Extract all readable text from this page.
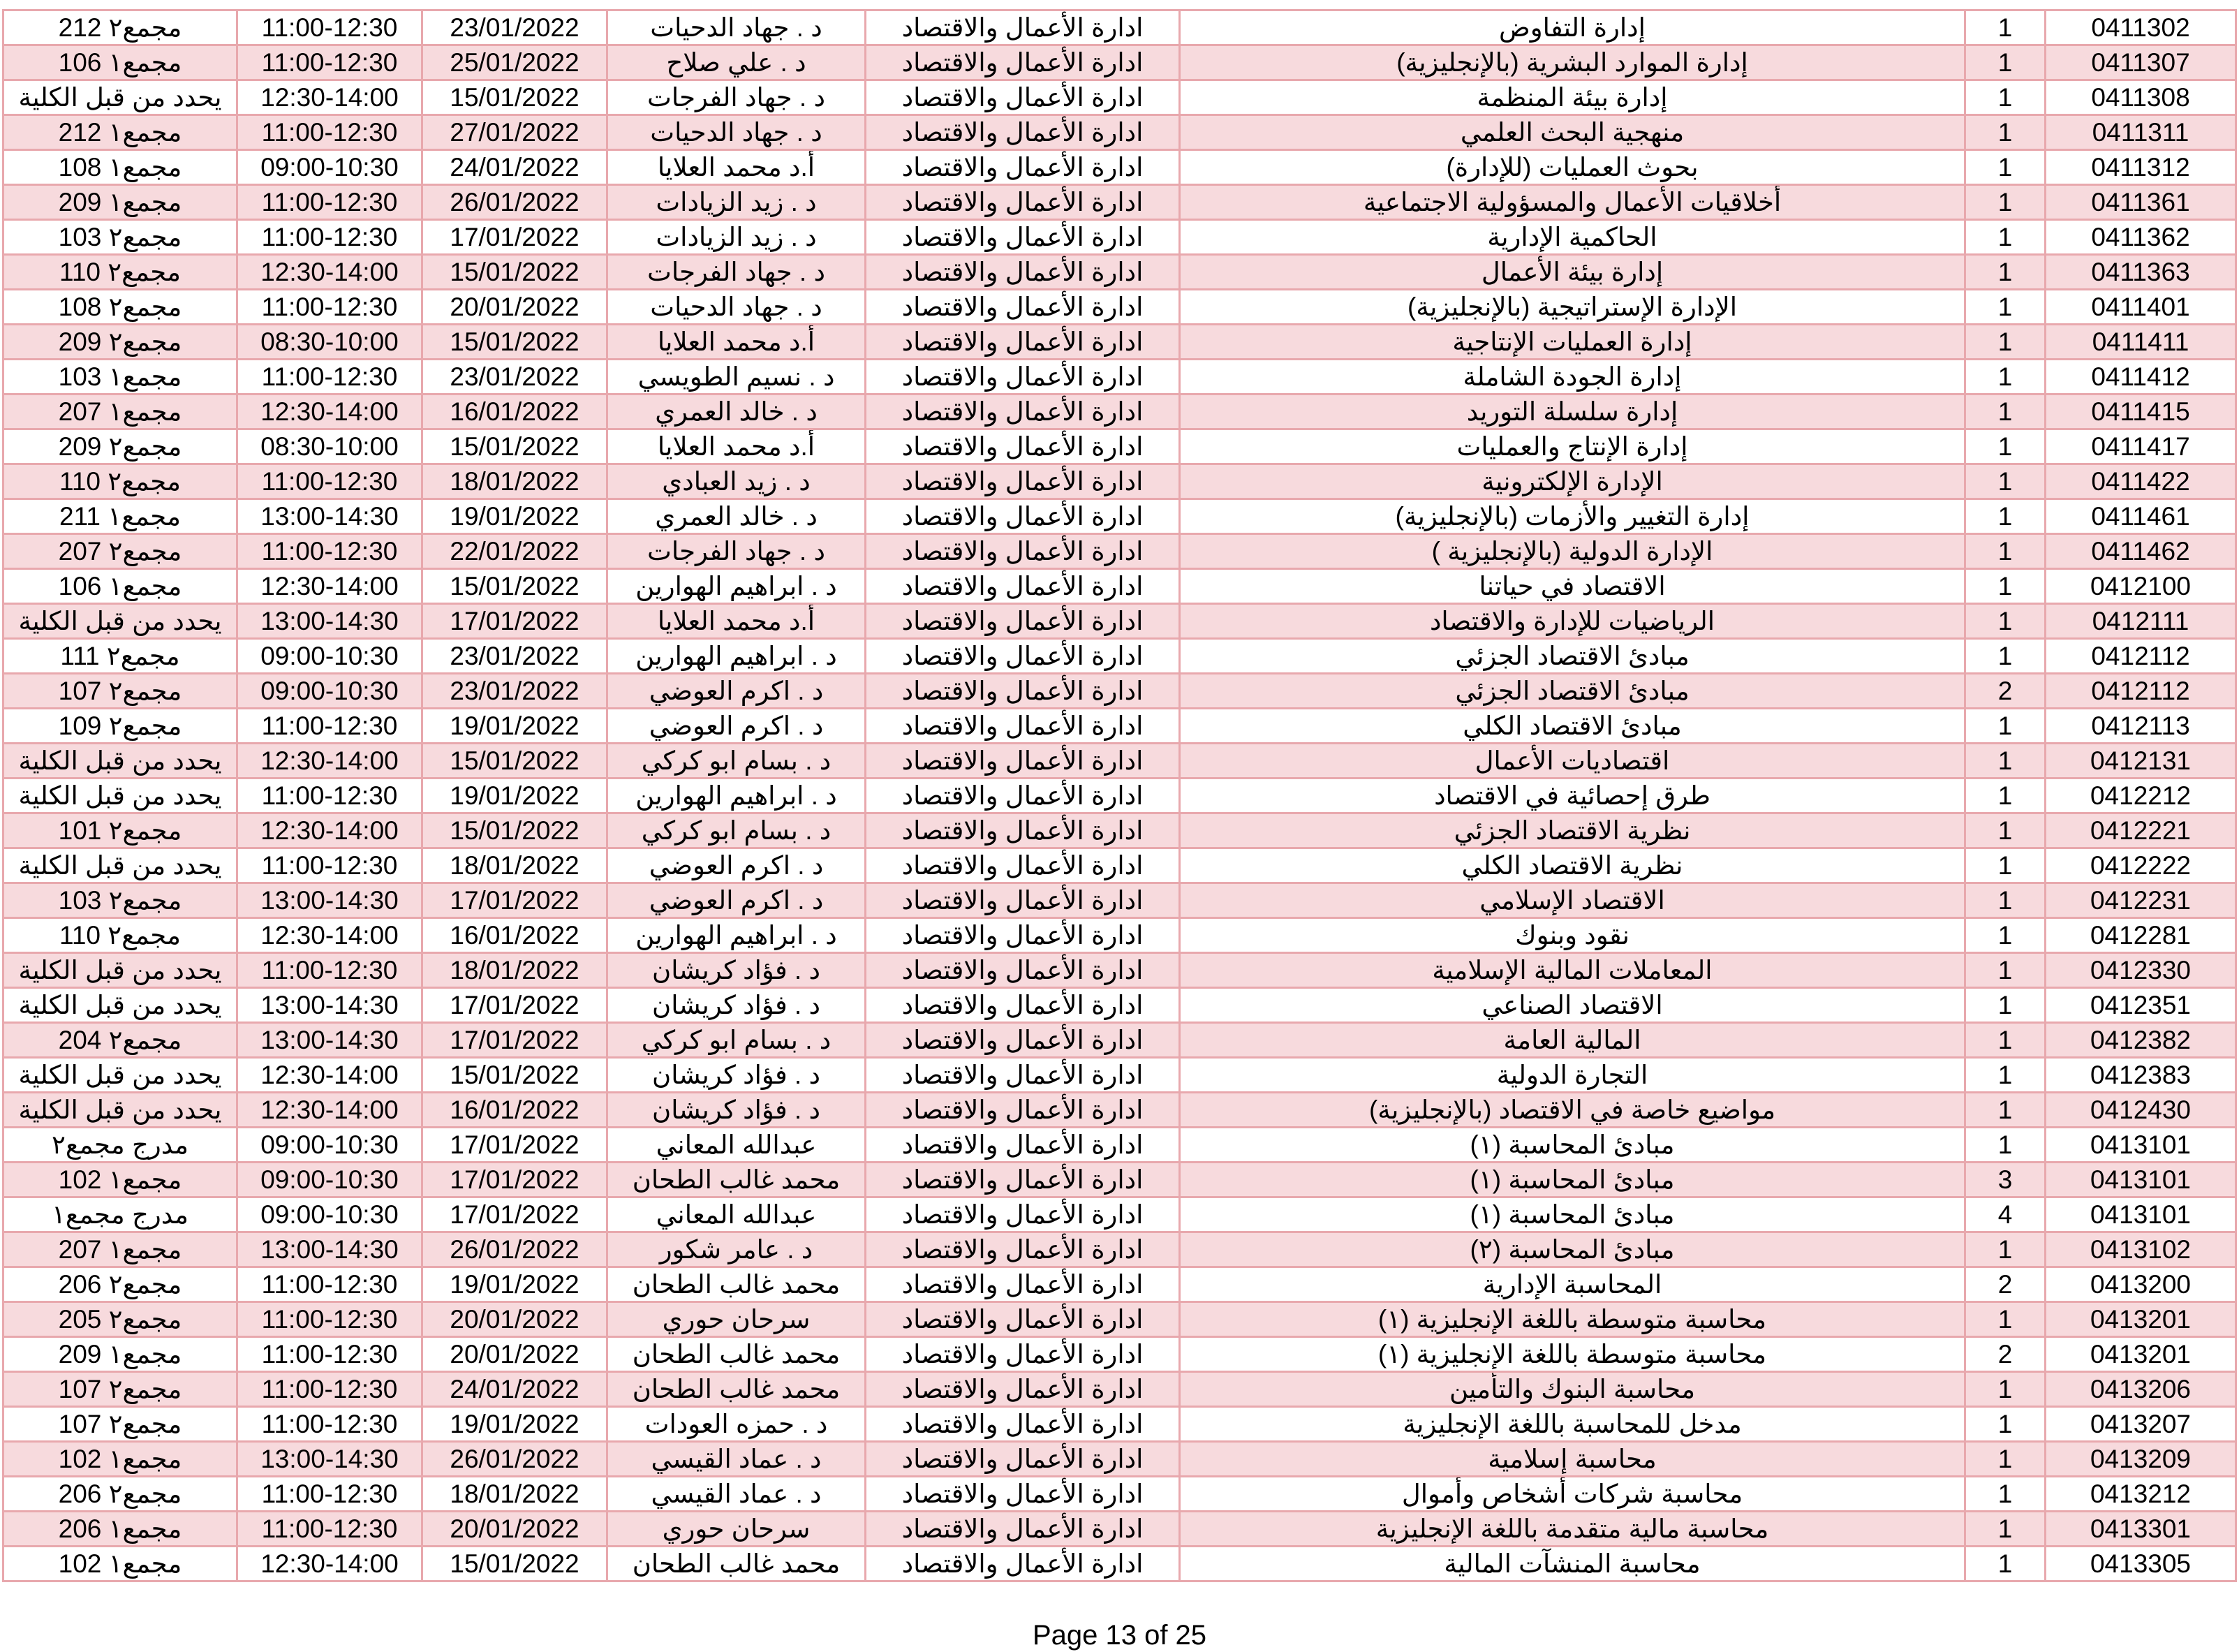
مجمع٢ 212	11:00-12:30	23/01/2022	د . جهاد الدحيات	ادارة الأعمال والاقتصاد	إدارة التفاوض	1	0411302
مجمع١ 106	11:00-12:30	25/01/2022	د . علي صلاح	ادارة الأعمال والاقتصاد	إدارة الموارد البشرية (بالإنجليزية)	1	0411307
يحدد من قبل الكلية	12:30-14:00	15/01/2022	د . جهاد الفرجات	ادارة الأعمال والاقتصاد	إدارة بيئة المنظمة	1	0411308
مجمع١ 212	11:00-12:30	27/01/2022	د . جهاد الدحيات	ادارة الأعمال والاقتصاد	منهجية البحث العلمي	1	0411311
مجمع١ 108	09:00-10:30	24/01/2022	أ.د محمد العلايا	ادارة الأعمال والاقتصاد	بحوث العمليات (للإدارة)	1	0411312
مجمع١ 209	11:00-12:30	26/01/2022	د . زيد الزيادات	ادارة الأعمال والاقتصاد	أخلاقيات الأعمال والمسؤولية الاجتماعية	1	0411361
مجمع٢ 103	11:00-12:30	17/01/2022	د . زيد الزيادات	ادارة الأعمال والاقتصاد	الحاكمية الإدارية	1	0411362
مجمع٢ 110	12:30-14:00	15/01/2022	د . جهاد الفرجات	ادارة الأعمال والاقتصاد	إدارة بيئة الأعمال	1	0411363
مجمع٢ 108	11:00-12:30	20/01/2022	د . جهاد الدحيات	ادارة الأعمال والاقتصاد	الإدارة الإستراتيجية (بالإنجليزية)	1	0411401
مجمع٢ 209	08:30-10:00	15/01/2022	أ.د محمد العلايا	ادارة الأعمال والاقتصاد	إدارة العمليات الإنتاجية	1	0411411
مجمع١ 103	11:00-12:30	23/01/2022	د . نسيم الطويسي	ادارة الأعمال والاقتصاد	إدارة الجودة الشاملة	1	0411412
مجمع١ 207	12:30-14:00	16/01/2022	د . خالد العمري	ادارة الأعمال والاقتصاد	إدارة سلسلة التوريد	1	0411415
مجمع٢ 209	08:30-10:00	15/01/2022	أ.د محمد العلايا	ادارة الأعمال والاقتصاد	إدارة الإنتاج والعمليات	1	0411417
مجمع٢ 110	11:00-12:30	18/01/2022	د . زيد العبادي	ادارة الأعمال والاقتصاد	الإدارة الإلكترونية	1	0411422
مجمع١ 211	13:00-14:30	19/01/2022	د . خالد العمري	ادارة الأعمال والاقتصاد	إدارة التغيير والأزمات (بالإنجليزية)	1	0411461
مجمع٢ 207	11:00-12:30	22/01/2022	د . جهاد الفرجات	ادارة الأعمال والاقتصاد	الإدارة الدولية (بالإنجليزية )	1	0411462
مجمع١ 106	12:30-14:00	15/01/2022	د . ابراهيم الهوارين	ادارة الأعمال والاقتصاد	الاقتصاد في حياتنا	1	0412100
يحدد من قبل الكلية	13:00-14:30	17/01/2022	أ.د محمد العلايا	ادارة الأعمال والاقتصاد	الرياضيات للإدارة والاقتصاد	1	0412111
مجمع٢ 111	09:00-10:30	23/01/2022	د . ابراهيم الهوارين	ادارة الأعمال والاقتصاد	مبادئ الاقتصاد الجزئي	1	0412112
مجمع٢ 107	09:00-10:30	23/01/2022	د . اكرم العوضي	ادارة الأعمال والاقتصاد	مبادئ الاقتصاد الجزئي	2	0412112
مجمع٢ 109	11:00-12:30	19/01/2022	د . اكرم العوضي	ادارة الأعمال والاقتصاد	مبادئ الاقتصاد الكلي	1	0412113
يحدد من قبل الكلية	12:30-14:00	15/01/2022	د . بسام ابو كركي	ادارة الأعمال والاقتصاد	اقتصاديات الأعمال	1	0412131
يحدد من قبل الكلية	11:00-12:30	19/01/2022	د . ابراهيم الهوارين	ادارة الأعمال والاقتصاد	طرق إحصائية في الاقتصاد	1	0412212
مجمع٢ 101	12:30-14:00	15/01/2022	د . بسام ابو كركي	ادارة الأعمال والاقتصاد	نظرية الاقتصاد الجزئي	1	0412221
يحدد من قبل الكلية	11:00-12:30	18/01/2022	د . اكرم العوضي	ادارة الأعمال والاقتصاد	نظرية الاقتصاد الكلي	1	0412222
مجمع٢ 103	13:00-14:30	17/01/2022	د . اكرم العوضي	ادارة الأعمال والاقتصاد	الاقتصاد الإسلامي	1	0412231
مجمع٢ 110	12:30-14:00	16/01/2022	د . ابراهيم الهوارين	ادارة الأعمال والاقتصاد	نقود وبنوك	1	0412281
يحدد من قبل الكلية	11:00-12:30	18/01/2022	د . فؤاد كريشان	ادارة الأعمال والاقتصاد	المعاملات المالية الإسلامية	1	0412330
يحدد من قبل الكلية	13:00-14:30	17/01/2022	د . فؤاد كريشان	ادارة الأعمال والاقتصاد	الاقتصاد الصناعي	1	0412351
مجمع٢ 204	13:00-14:30	17/01/2022	د . بسام ابو كركي	ادارة الأعمال والاقتصاد	المالية العامة	1	0412382
يحدد من قبل الكلية	12:30-14:00	15/01/2022	د . فؤاد كريشان	ادارة الأعمال والاقتصاد	التجارة الدولية	1	0412383
يحدد من قبل الكلية	12:30-14:00	16/01/2022	د . فؤاد كريشان	ادارة الأعمال والاقتصاد	مواضيع خاصة في الاقتصاد (بالإنجليزية)	1	0412430
مدرج مجمع٢	09:00-10:30	17/01/2022	عبدالله المعاني	ادارة الأعمال والاقتصاد	مبادئ المحاسبة (١)	1	0413101
مجمع١ 102	09:00-10:30	17/01/2022	محمد غالب الطحان	ادارة الأعمال والاقتصاد	مبادئ المحاسبة (١)	3	0413101
مدرج مجمع١	09:00-10:30	17/01/2022	عبدالله المعاني	ادارة الأعمال والاقتصاد	مبادئ المحاسبة (١)	4	0413101
مجمع١ 207	13:00-14:30	26/01/2022	د . عامر شكور	ادارة الأعمال والاقتصاد	مبادئ المحاسبة (٢)	1	0413102
مجمع٢ 206	11:00-12:30	19/01/2022	محمد غالب الطحان	ادارة الأعمال والاقتصاد	المحاسبة الإدارية	2	0413200
مجمع٢ 205	11:00-12:30	20/01/2022	سرحان حوري	ادارة الأعمال والاقتصاد	محاسبة متوسطة باللغة الإنجليزية (١)	1	0413201
مجمع١ 209	11:00-12:30	20/01/2022	محمد غالب الطحان	ادارة الأعمال والاقتصاد	محاسبة متوسطة باللغة الإنجليزية (١)	2	0413201
مجمع٢ 107	11:00-12:30	24/01/2022	محمد غالب الطحان	ادارة الأعمال والاقتصاد	محاسبة البنوك والتأمين	1	0413206
مجمع٢ 107	11:00-12:30	19/01/2022	د . حمزه العودات	ادارة الأعمال والاقتصاد	مدخل للمحاسبة باللغة الإنجليزية	1	0413207
مجمع١ 102	13:00-14:30	26/01/2022	د . عماد القيسي	ادارة الأعمال والاقتصاد	محاسبة إسلامية	1	0413209
مجمع٢ 206	11:00-12:30	18/01/2022	د . عماد القيسي	ادارة الأعمال والاقتصاد	محاسبة شركات أشخاص وأموال	1	0413212
مجمع١ 206	11:00-12:30	20/01/2022	سرحان حوري	ادارة الأعمال والاقتصاد	محاسبة مالية متقدمة باللغة الإنجليزية	1	0413301
مجمع١ 102	12:30-14:00	15/01/2022	محمد غالب الطحان	ادارة الأعمال والاقتصاد	محاسبة المنشآت المالية	1	0413305
Page 13 of 25
